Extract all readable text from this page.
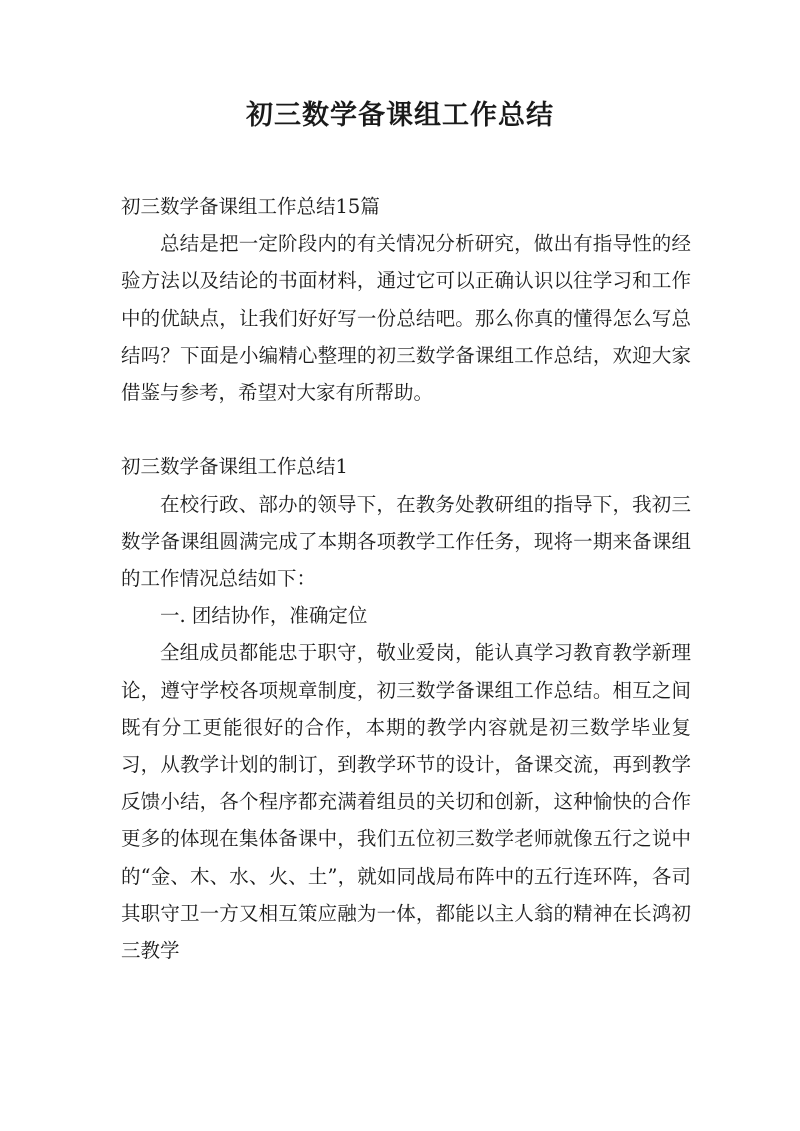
初三数学备课组工作总结

初三数学备课组工作总结15篇

总结是把一定阶段内的有关情况分析研究，做出有指导性的经验方法以及结论的书面材料，通过它可以正确认识以往学习和工作中的优缺点，让我们好好写一份总结吧。那么你真的懂得怎么写总结吗？下面是小编精心整理的初三数学备课组工作总结，欢迎大家借鉴与参考，希望对大家有所帮助。

初三数学备课组工作总结1

在校行政、部办的领导下，在教务处教研组的指导下，我初三数学备课组圆满完成了本期各项教学工作任务，现将一期来备课组的工作情况总结如下：

一. 团结协作，准确定位

全组成员都能忠于职守，敬业爱岗，能认真学习教育教学新理论，遵守学校各项规章制度，初三数学备课组工作总结。相互之间既有分工更能很好的合作，本期的教学内容就是初三数学毕业复习，从教学计划的制订，到教学环节的设计，备课交流，再到教学反馈小结，各个程序都充满着组员的关切和创新，这种愉快的合作更多的体现在集体备课中，我们五位初三数学老师就像五行之说中的“金、木、水、火、土”，就如同战局布阵中的五行连环阵，各司其职守卫一方又相互策应融为一体，都能以主人翁的精神在长鸿初三教学
